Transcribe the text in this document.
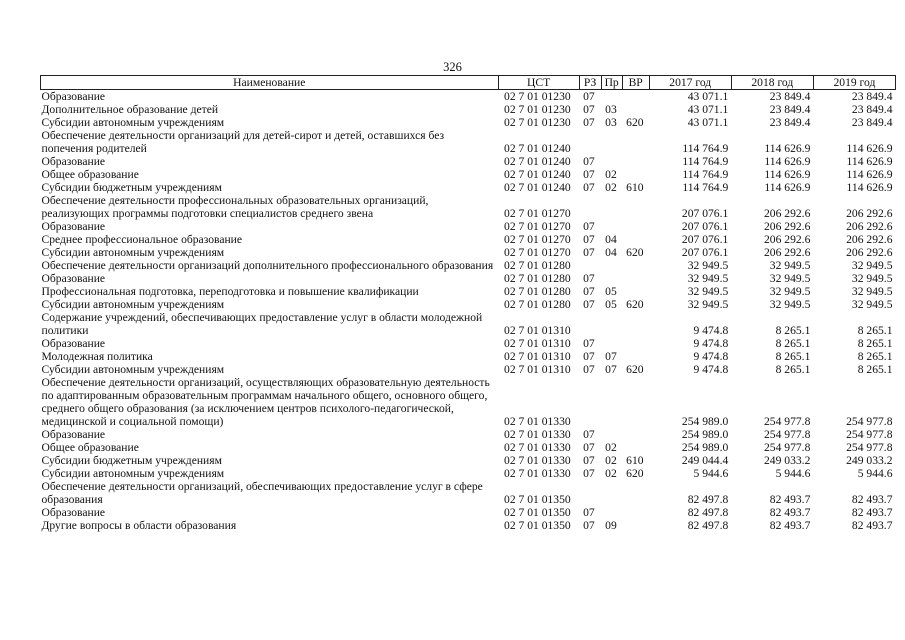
326
Наименование	ЦСТ	РЗ	Пр	ВР	2017 год	2018 год	2019 год
Образование	02 7 01 01230	07			43 071.1	23 849.4	23 849.4
Дополнительное образование детей	02 7 01 01230	07	03		43 071.1	23 849.4	23 849.4
Субсидии автономным учреждениям	02 7 01 01230	07	03	620	43 071.1	23 849.4	23 849.4
Обеспечение деятельности организаций для детей-сирот и детей, оставшихся без попечения родителей	02 7 01 01240				114 764.9	114 626.9	114 626.9
Образование	02 7 01 01240	07			114 764.9	114 626.9	114 626.9
Общее образование	02 7 01 01240	07	02		114 764.9	114 626.9	114 626.9
Субсидии бюджетным учреждениям	02 7 01 01240	07	02	610	114 764.9	114 626.9	114 626.9
Обеспечение деятельности профессиональных образовательных организаций, реализующих программы подготовки специалистов среднего звена	02 7 01 01270				207 076.1	206 292.6	206 292.6
Образование	02 7 01 01270	07			207 076.1	206 292.6	206 292.6
Среднее профессиональное образование	02 7 01 01270	07	04		207 076.1	206 292.6	206 292.6
Субсидии автономным учреждениям	02 7 01 01270	07	04	620	207 076.1	206 292.6	206 292.6
Обеспечение деятельности организаций дополнительного профессионального образования	02 7 01 01280				32 949.5	32 949.5	32 949.5
Образование	02 7 01 01280	07			32 949.5	32 949.5	32 949.5
Профессиональная подготовка, переподготовка и повышение квалификации	02 7 01 01280	07	05		32 949.5	32 949.5	32 949.5
Субсидии автономным учреждениям	02 7 01 01280	07	05	620	32 949.5	32 949.5	32 949.5
Содержание учреждений, обеспечивающих предоставление услуг в области молодежной политики	02 7 01 01310				9 474.8	8 265.1	8 265.1
Образование	02 7 01 01310	07			9 474.8	8 265.1	8 265.1
Молодежная политика	02 7 01 01310	07	07		9 474.8	8 265.1	8 265.1
Субсидии автономным учреждениям	02 7 01 01310	07	07	620	9 474.8	8 265.1	8 265.1
Обеспечение деятельности организаций, осуществляющих образовательную деятельность по адаптированным образовательным программам начального общего, основного общего, среднего общего образования (за исключением центров психолого-педагогической, медицинской и социальной помощи)	02 7 01 01330				254 989.0	254 977.8	254 977.8
Образование	02 7 01 01330	07			254 989.0	254 977.8	254 977.8
Общее образование	02 7 01 01330	07	02		254 989.0	254 977.8	254 977.8
Субсидии бюджетным учреждениям	02 7 01 01330	07	02	610	249 044.4	249 033.2	249 033.2
Субсидии автономным учреждениям	02 7 01 01330	07	02	620	5 944.6	5 944.6	5 944.6
Обеспечение деятельности организаций, обеспечивающих предоставление услуг в сфере образования	02 7 01 01350				82 497.8	82 493.7	82 493.7
Образование	02 7 01 01350	07			82 497.8	82 493.7	82 493.7
Другие вопросы в области образования	02 7 01 01350	07	09		82 497.8	82 493.7	82 493.7
